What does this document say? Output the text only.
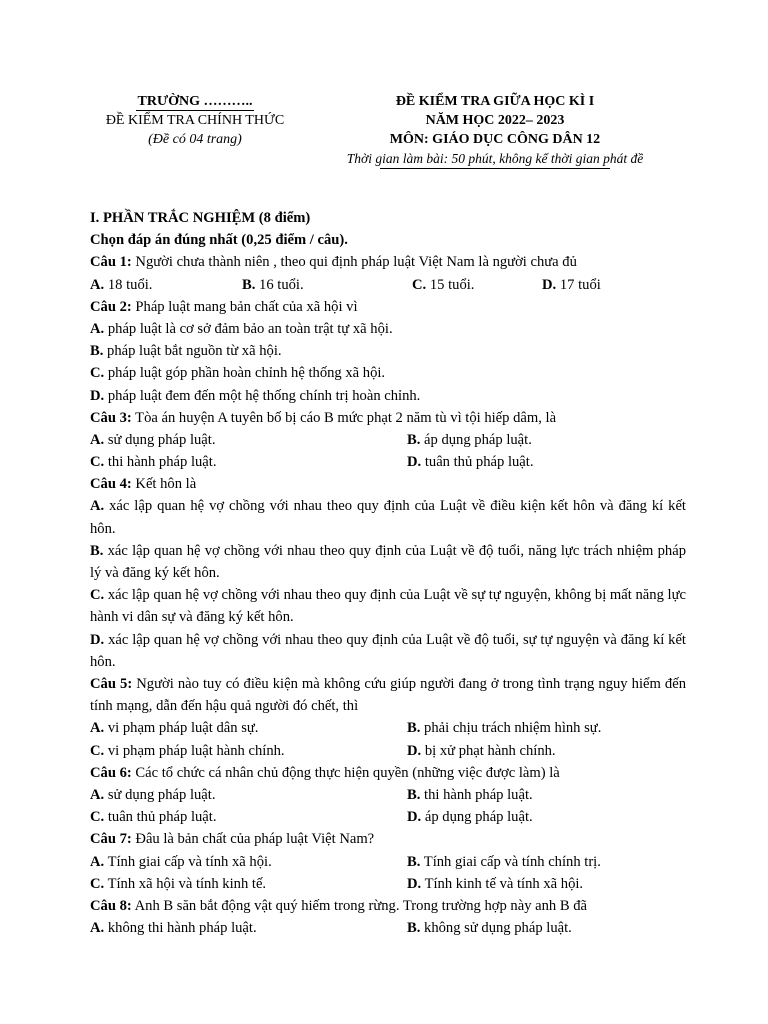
TRƯỜNG ………..
ĐỀ KIỂM TRA CHÍNH THỨC
(Đề có 04 trang)
ĐỀ KIỂM TRA GIỮA HỌC KÌ I
NĂM HỌC 2022– 2023
MÔN: GIÁO DỤC CÔNG DÂN 12
Thời gian làm bài: 50 phút, không kể thời gian phát đề
I. PHẦN TRẮC NGHIỆM (8 điểm)
Chọn đáp án đúng nhất (0,25 điểm / câu).
Câu 1: Người chưa thành niên , theo qui định pháp luật Việt Nam là người chưa đủ
A. 18 tuổi.	B. 16 tuổi.	C. 15 tuổi.	D. 17 tuổi
Câu 2: Pháp luật mang bản chất của xã hội vì
A. pháp luật là cơ sở đảm bảo an toàn trật tự xã hội.
B. pháp luật bắt nguồn từ xã hội.
C. pháp luật góp phần hoàn chỉnh hệ thống xã hội.
D. pháp luật đem đến một hệ thống chính trị hoàn chỉnh.
Câu 3: Tòa án huyện A tuyên bố bị cáo B mức phạt 2 năm tù vì tội hiếp dâm, là
A. sử dụng pháp luật.	B. áp dụng pháp luật.
C. thi hành pháp luật.	D. tuân thủ pháp luật.
Câu 4: Kết hôn là
A. xác lập quan hệ vợ chồng với nhau theo quy định của Luật về điều kiện kết hôn và đăng kí kết hôn.
B. xác lập quan hệ vợ chồng với nhau theo quy định của Luật về độ tuổi, năng lực trách nhiệm pháp lý và đăng ký kết hôn.
C. xác lập quan hệ vợ chồng với nhau theo quy định của Luật về sự tự nguyện, không bị mất năng lực hành vi dân sự và đăng ký kết hôn.
D. xác lập quan hệ vợ chồng với nhau theo quy định của Luật về độ tuổi, sự tự nguyện và đăng kí kết hôn.
Câu 5: Người nào tuy có điều kiện mà không cứu giúp người đang ở trong tình trạng nguy hiểm đến tính mạng, dẫn đến hậu quả người đó chết, thì
A. vi phạm pháp luật dân sự.	B. phải chịu trách nhiệm hình sự.
C. vi phạm pháp luật hành chính.	D. bị xử phạt hành chính.
Câu 6: Các tổ chức cá nhân chủ động thực hiện quyền (những việc được làm) là
A. sử dụng pháp luật.	B. thi hành pháp luật.
C. tuân thủ pháp luật.	D. áp dụng pháp luật.
Câu 7: Đâu là bản chất của pháp luật Việt Nam?
A. Tính giai cấp và tính xã hội.	B. Tính giai cấp và tính chính trị.
C. Tính xã hội và tính kinh tế.	D. Tính kinh tế và tính xã hội.
Câu 8: Anh B săn bắt động vật quý hiếm trong rừng. Trong trường hợp này anh B đã
A. không thi hành pháp luật.	B. không sử dụng pháp luật.
